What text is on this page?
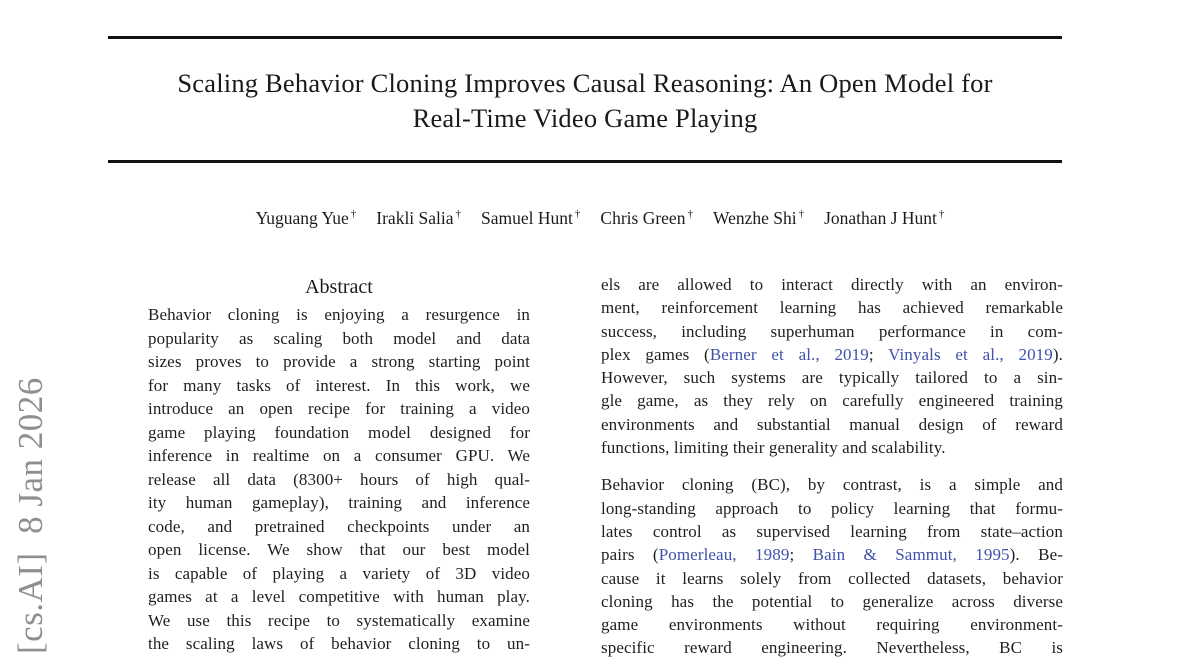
Scaling Behavior Cloning Improves Causal Reasoning: An Open Model for
Real-Time Video Game Playing
Yuguang Yue † Irakli Salia † Samuel Hunt † Chris Green † Wenzhe Shi † Jonathan J Hunt †
Abstract
Behavior cloning is enjoying a resurgence in
popularity as scaling both model and data
sizes proves to provide a strong starting point
for many tasks of interest. In this work, we
introduce an open recipe for training a video
game playing foundation model designed for
inference in realtime on a consumer GPU. We
release all data (8300+ hours of high qual-
ity human gameplay), training and inference
code, and pretrained checkpoints under an
open license. We show that our best model
is capable of playing a variety of 3D video
games at a level competitive with human play.
We use this recipe to systematically examine
the scaling laws of behavior cloning to un-
els are allowed to interact directly with an environ-
ment, reinforcement learning has achieved remarkable
success, including superhuman performance in com-
plex games (Berner et al., 2019; Vinyals et al., 2019).
However, such systems are typically tailored to a sin-
gle game, as they rely on carefully engineered training
environments and substantial manual design of reward
functions, limiting their generality and scalability.
Behavior cloning (BC), by contrast, is a simple and
long-standing approach to policy learning that formu-
lates control as supervised learning from state–action
pairs (Pomerleau, 1989; Bain & Sammut, 1995). Be-
cause it learns solely from collected datasets, behavior
cloning has the potential to generalize across diverse
game environments without requiring environment-
specific reward engineering. Nevertheless, BC is
[cs.AI]  8 Jan 2026
